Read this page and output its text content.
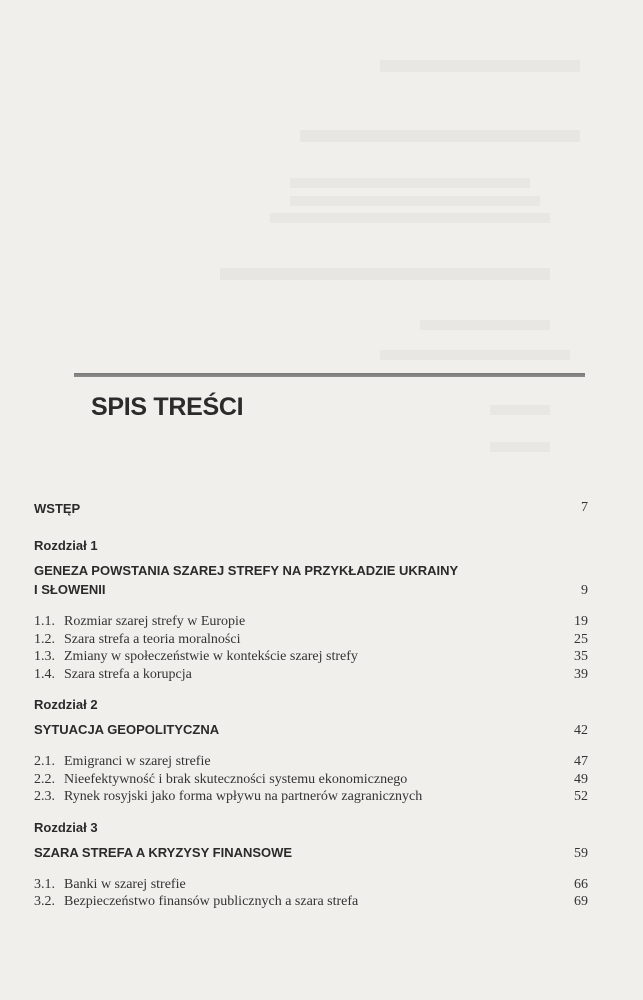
SPIS TREŚCI
WSTĘP	7
Rozdział 1
GENEZA POWSTANIA SZAREJ STREFY NA PRZYKŁADZIE UKRAINY
I SŁOWENII	9
1.1. Rozmiar szarej strefy w Europie	19
1.2. Szara strefa a teoria moralności	25
1.3. Zmiany w społeczeństwie w kontekście szarej strefy	35
1.4. Szara strefa a korupcja	39
Rozdział 2
SYTUACJA GEOPOLITYCZNA	42
2.1. Emigranci w szarej strefie	47
2.2. Nieefektywność i brak skuteczności systemu ekonomicznego	49
2.3. Rynek rosyjski jako forma wpływu na partnerów zagranicznych	52
Rozdział 3
SZARA STREFA A KRYZYSY FINANSOWE	59
3.1. Banki w szarej strefie	66
3.2. Bezpieczeństwo finansów publicznych a szara strefa	69
